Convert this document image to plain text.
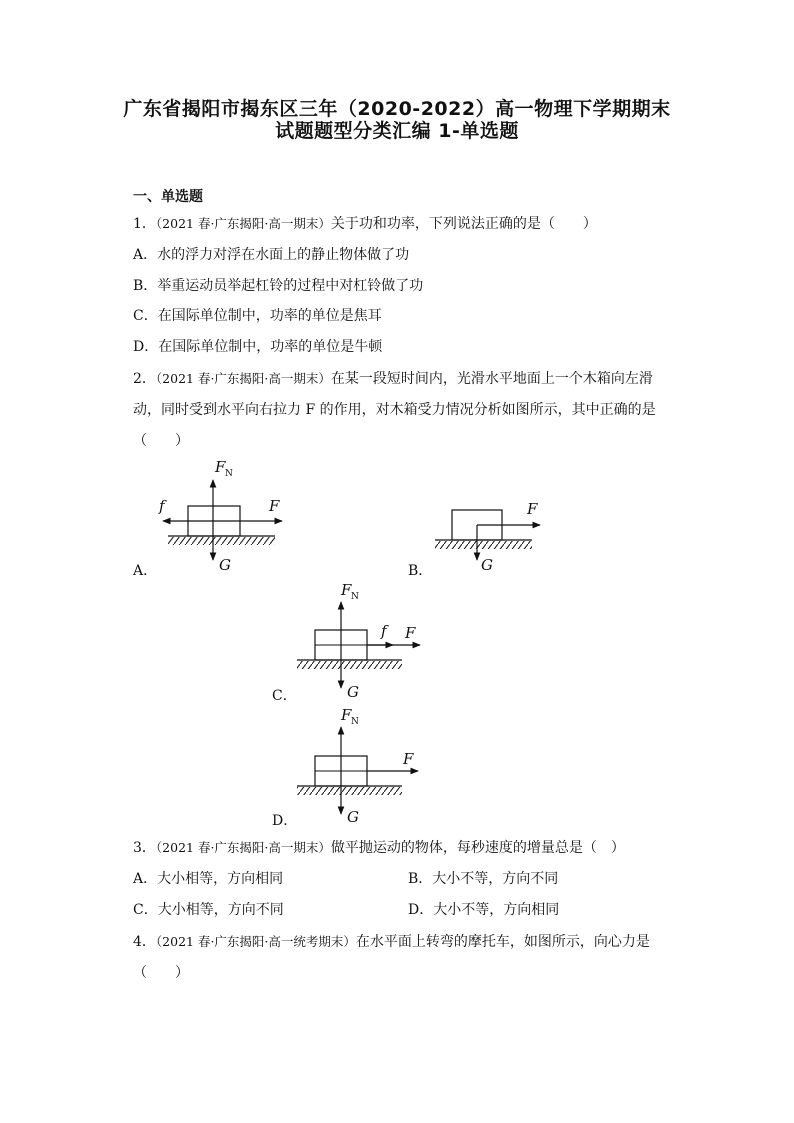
广东省揭阳市揭东区三年（2020-2022）高一物理下学期期末
试题题型分类汇编 1-单选题
一、单选题
1．（2021 春·广东揭阳·高一期末）关于功和功率，下列说法正确的是（　　）
A．水的浮力对浮在水面上的静止物体做了功
B．举重运动员举起杠铃的过程中对杠铃做了功
C．在国际单位制中，功率的单位是焦耳
D．在国际单位制中，功率的单位是牛顿
2．（2021 春·广东揭阳·高一期末）在某一段短时间内，光滑水平地面上一个木箱向左滑
动，同时受到水平向右拉力 F 的作用，对木箱受力情况分析如图所示，其中正确的是
（　　）
A．	B．
C．
D．
F N
f	F
G
F
G
F N
f F
G
F N
F
G
3．（2021 春·广东揭阳·高一期末）做平抛运动的物体，每秒速度的增量总是（　）
A．大小相等，方向相同	B．大小不等，方向不同
C．大小相等，方向不同	D．大小不等，方向相同
4．（2021 春·广东揭阳·高一统考期末）在水平面上转弯的摩托车，如图所示，向心力是
（　　）
